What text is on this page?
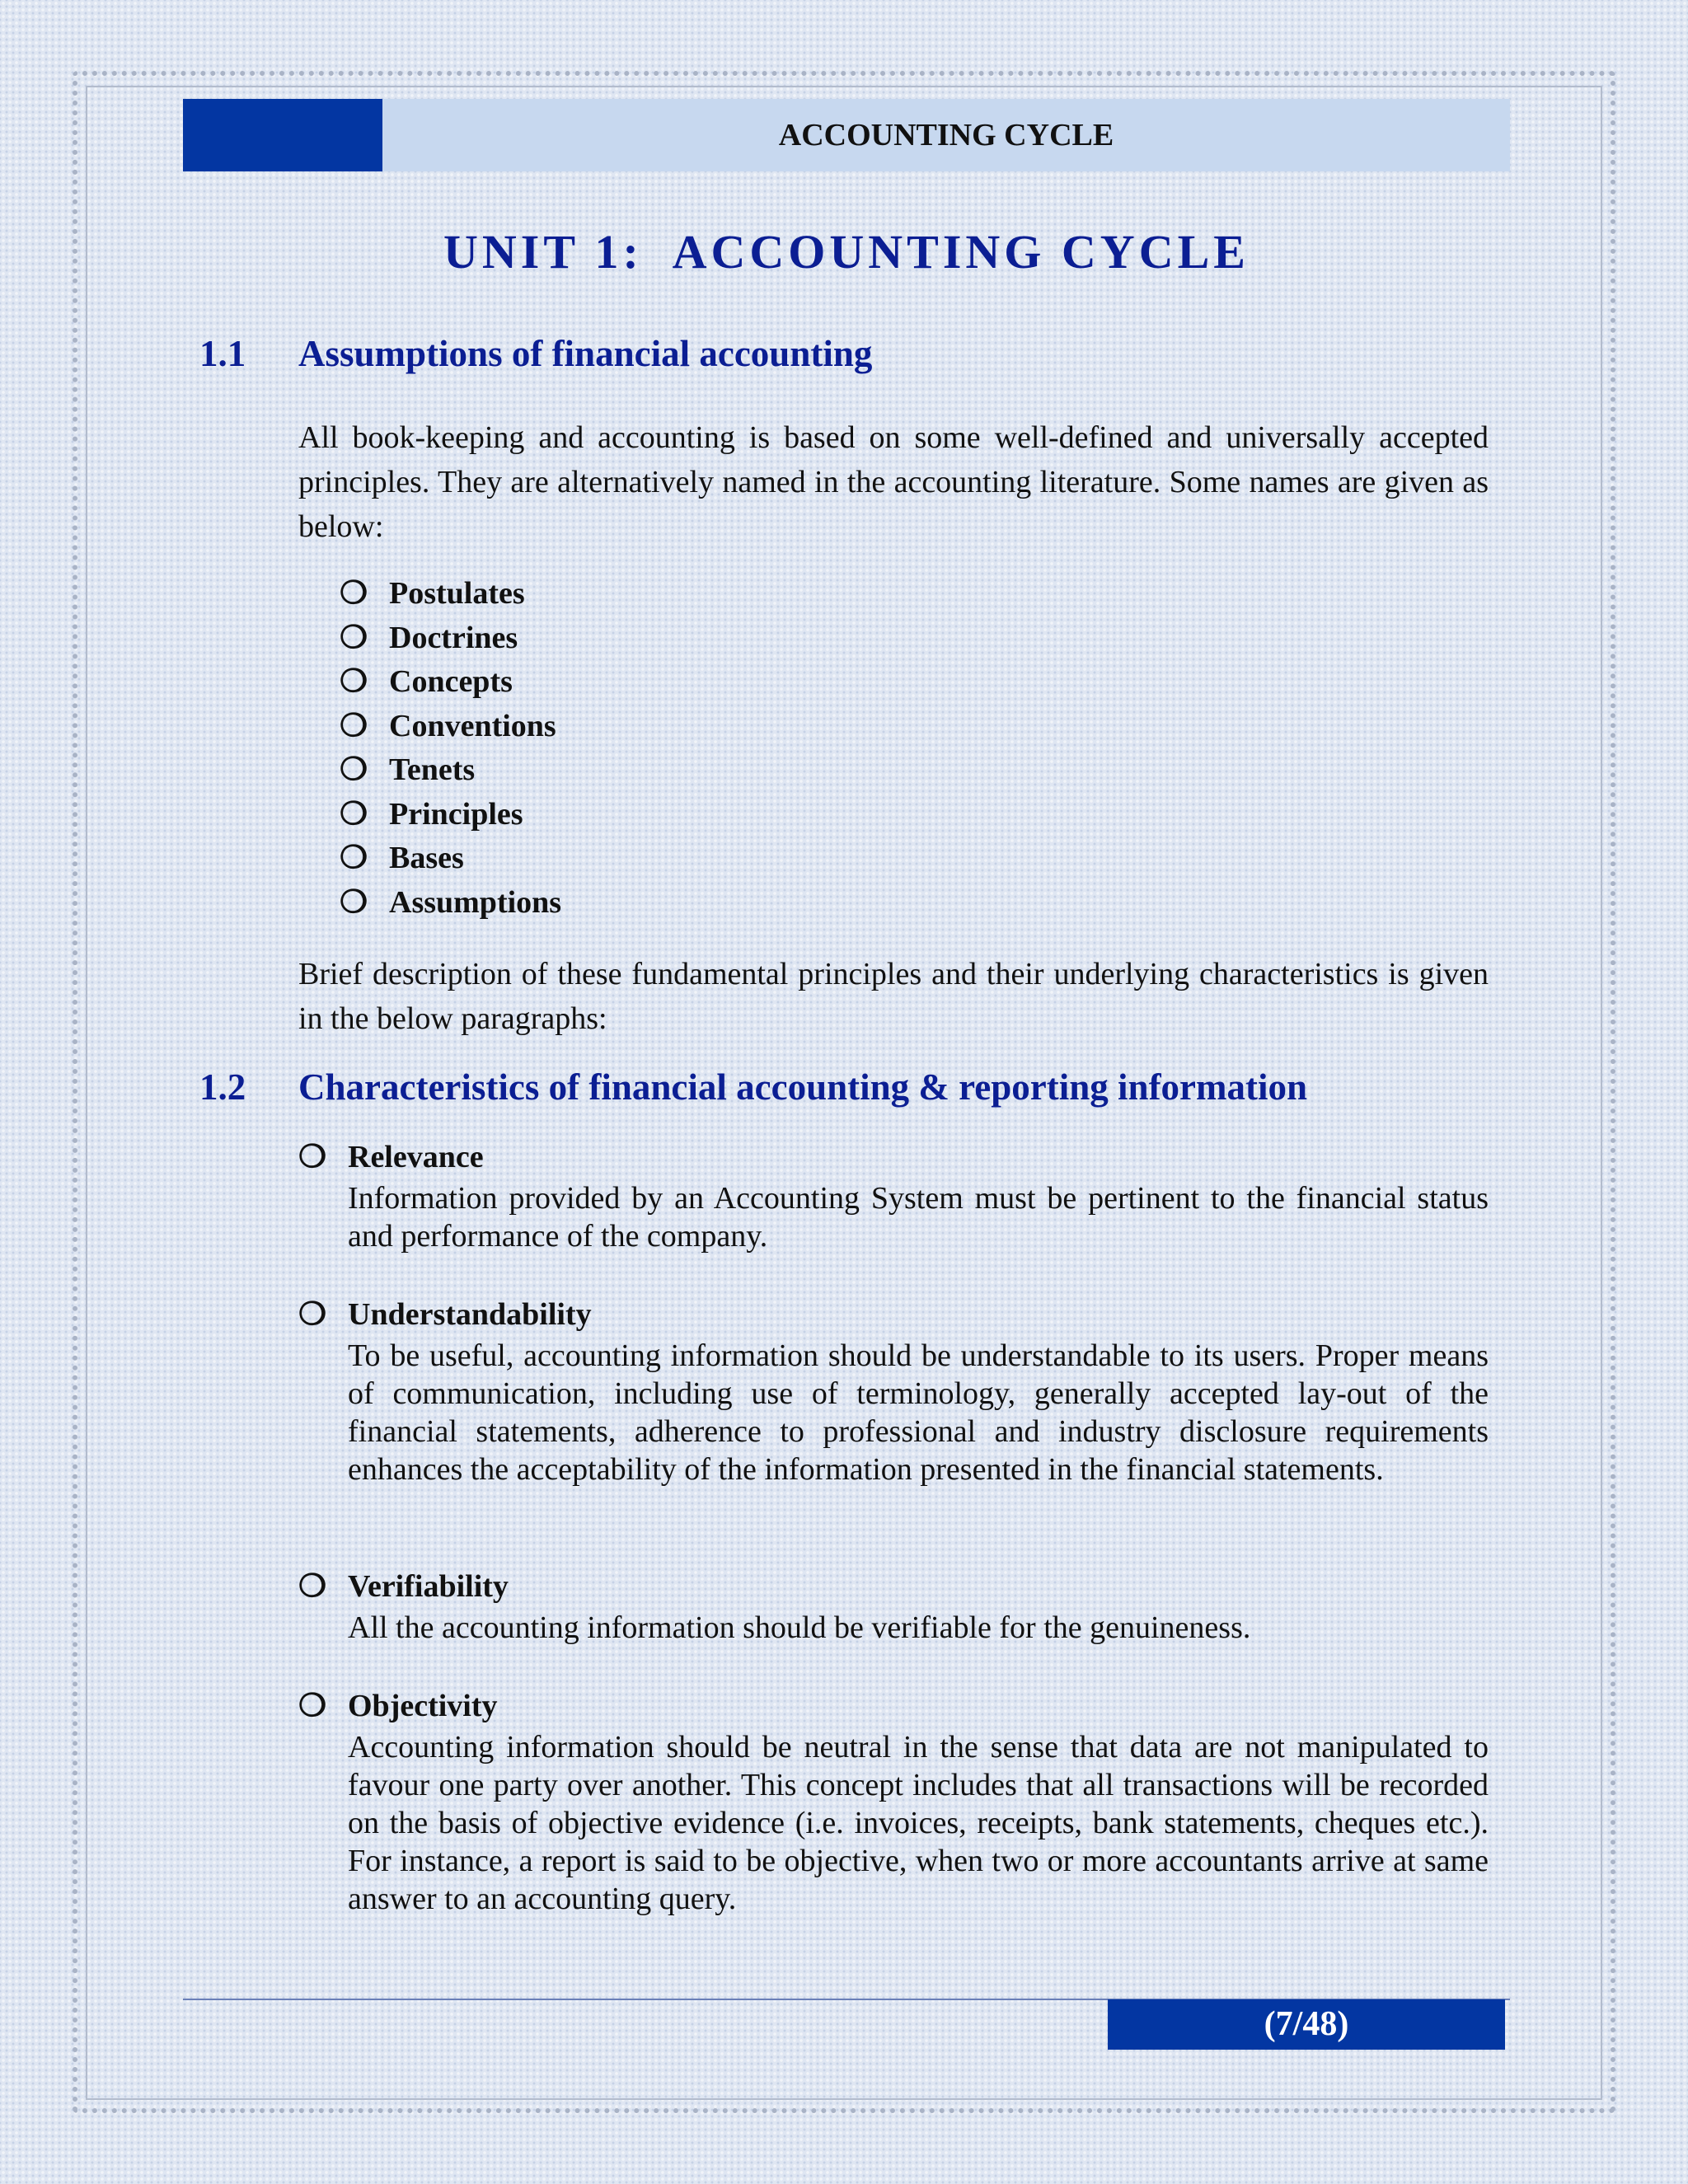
ACCOUNTING CYCLE
UNIT 1:  ACCOUNTING CYCLE
1.1 Assumptions of financial accounting

All book-keeping and accounting is based on some well-defined and universally accepted principles. They are alternatively named in the accounting literature. Some names are given as below:

❍ Postulates
❍ Doctrines
❍ Concepts
❍ Conventions
❍ Tenets
❍ Principles
❍ Bases
❍ Assumptions

Brief description of these fundamental principles and their underlying characteristics is given in the below paragraphs:

1.2 Characteristics of financial accounting & reporting information
❍ Relevance

Information provided by an Accounting System must be pertinent to the financial status and performance of the company.

❍ Understandability

To be useful, accounting information should be understandable to its users. Proper means of communication, including use of terminology, generally accepted lay-out of the financial statements, adherence to professional and industry disclosure requirements enhances the acceptability of the information presented in the financial statements.

❍ Verifiability

All the accounting information should be verifiable for the genuineness.

❍ Objectivity

Accounting information should be neutral in the sense that data are not manipulated to favour one party over another. This concept includes that all transactions will be recorded on the basis of objective evidence (i.e. invoices, receipts, bank statements, cheques etc.). For instance, a report is said to be objective, when two or more accountants arrive at same answer to an accounting query.

(7/48)
